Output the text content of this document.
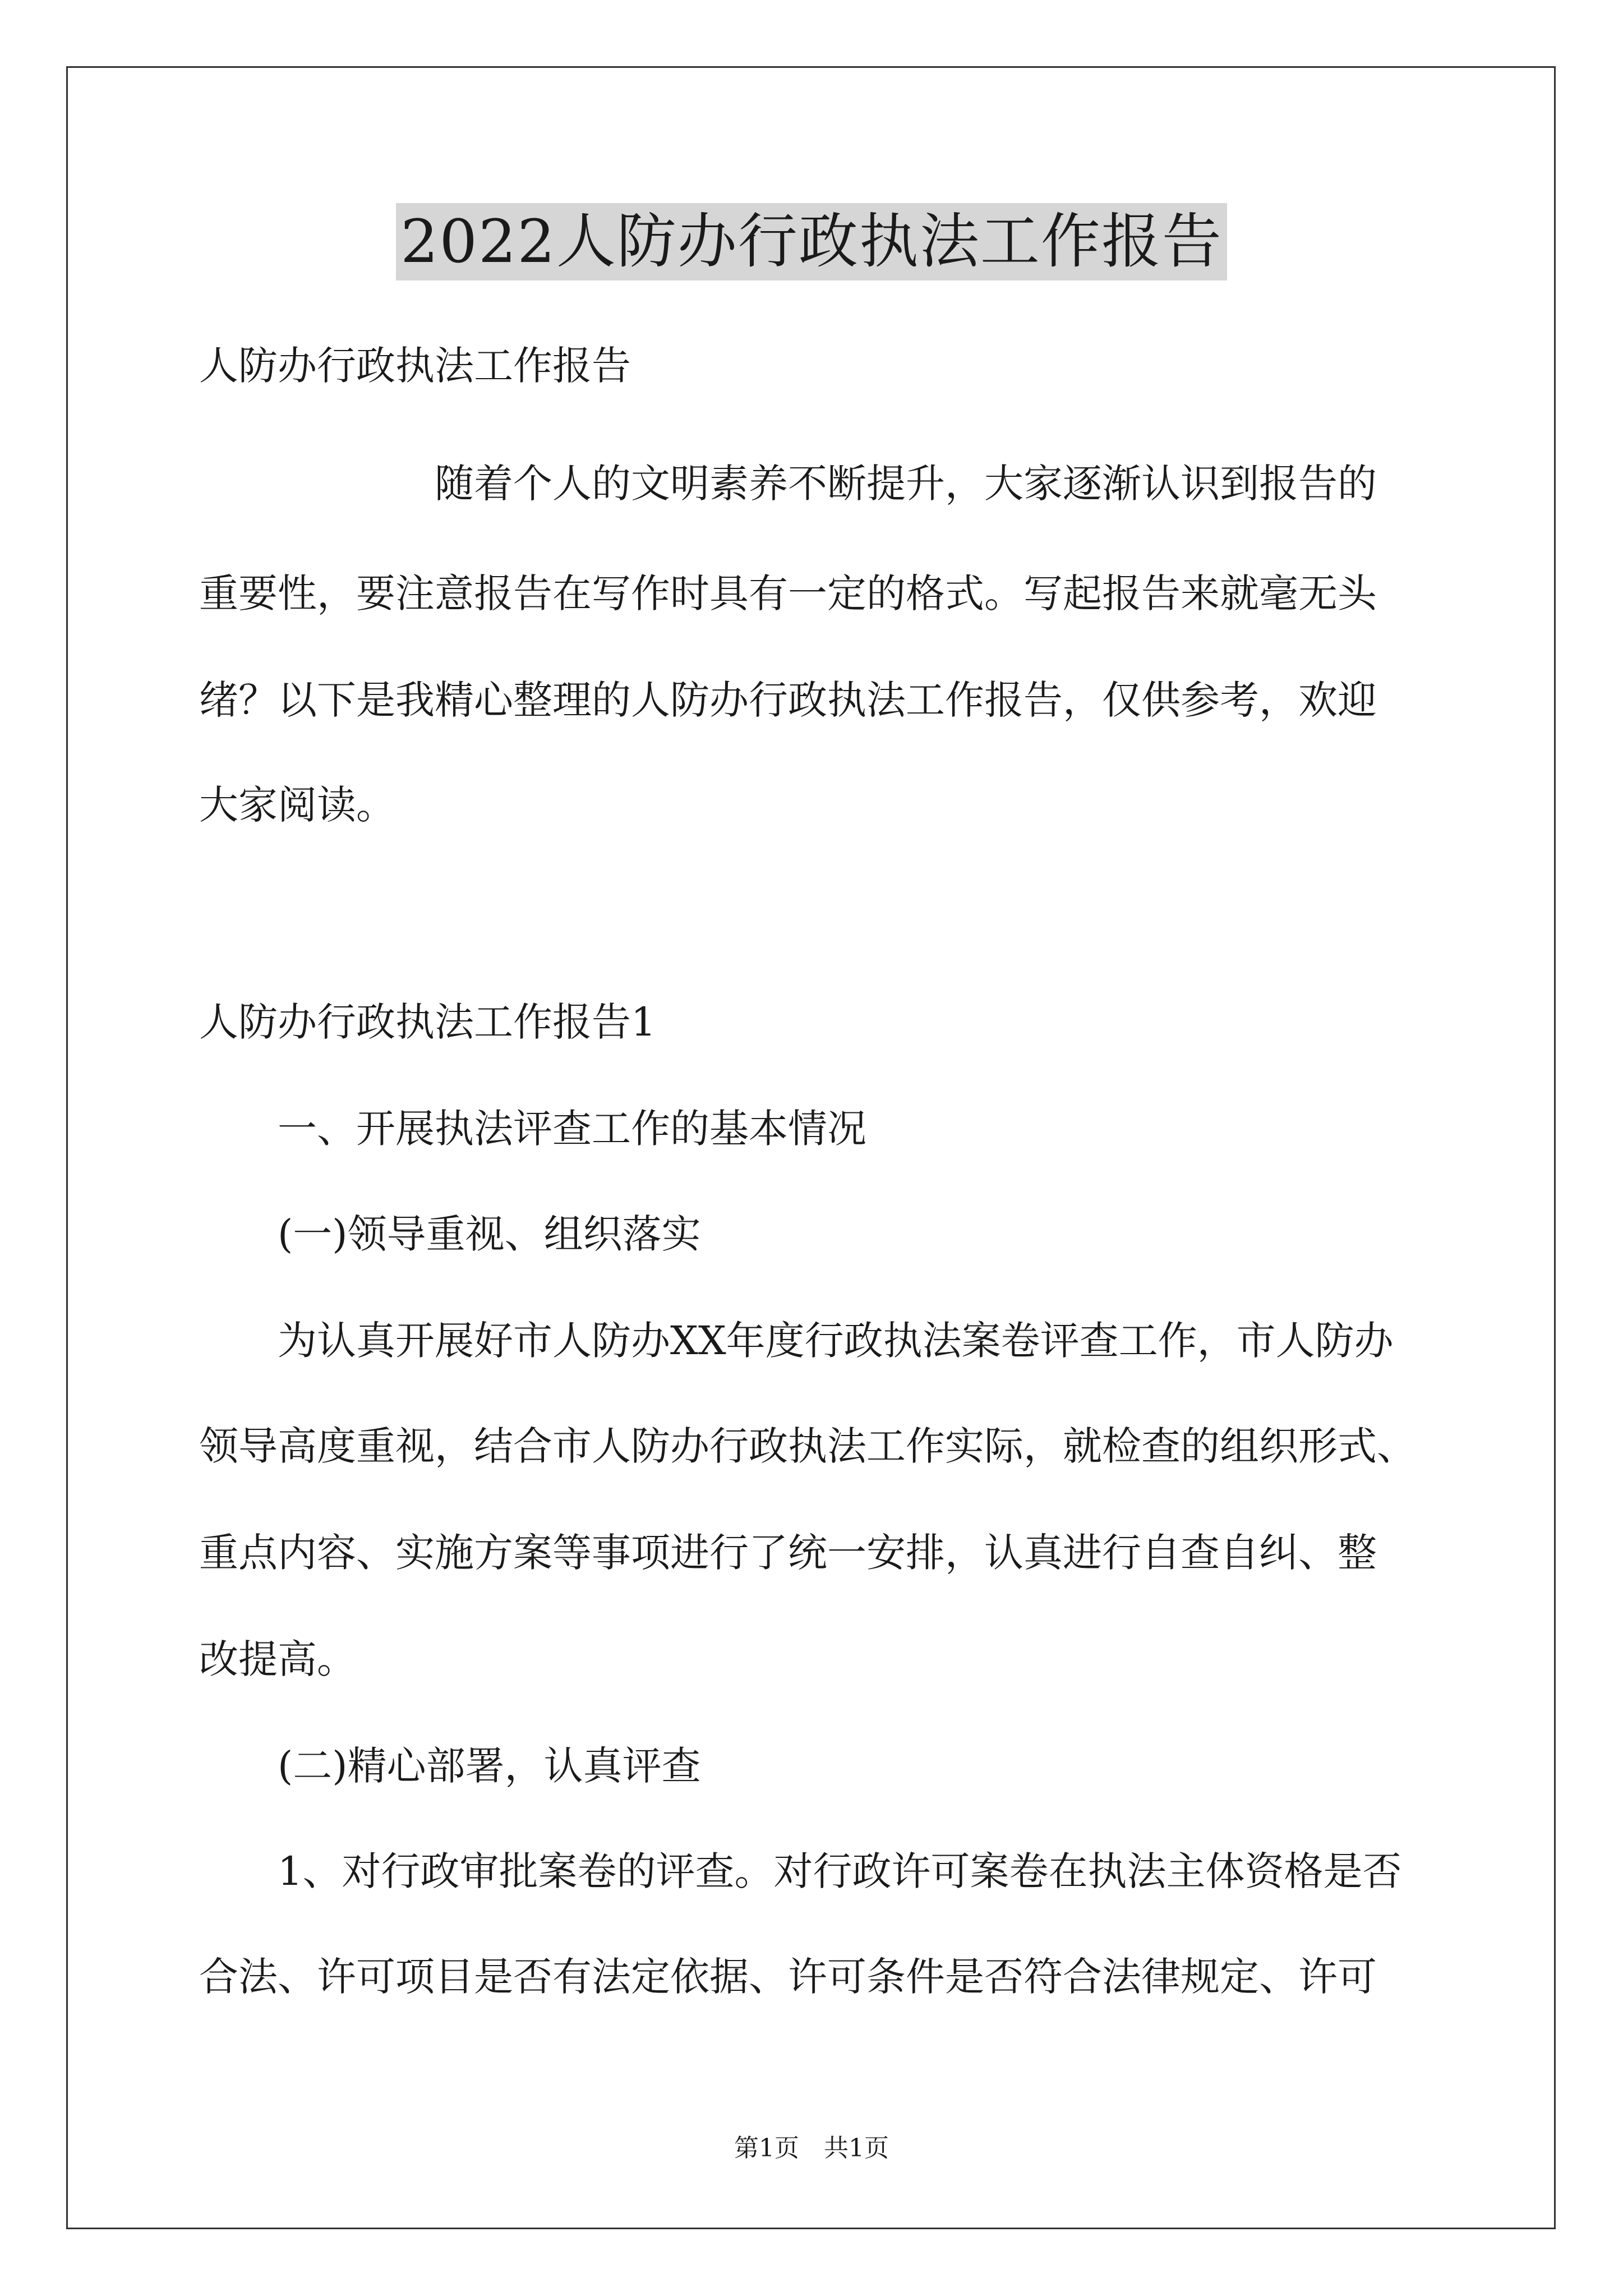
2022人防办行政执法工作报告

人防办行政执法工作报告

　　　　　　随着个人的文明素养不断提升，大家逐渐认识到报告的

重要性，要注意报告在写作时具有一定的格式。写起报告来就毫无头

绪？以下是我精心整理的人防办行政执法工作报告，仅供参考，欢迎

大家阅读。

人防办行政执法工作报告1

　　一、开展执法评查工作的基本情况

　　(一)领导重视、组织落实

　　为认真开展好市人防办XX年度行政执法案卷评查工作，市人防办

领导高度重视，结合市人防办行政执法工作实际，就检查的组织形式、

重点内容、实施方案等事项进行了统一安排，认真进行自查自纠、整

改提高。

　　(二)精心部署，认真评查

　　1、对行政审批案卷的评查。对行政许可案卷在执法主体资格是否

合法、许可项目是否有法定依据、许可条件是否符合法律规定、许可

第1页　共1页
